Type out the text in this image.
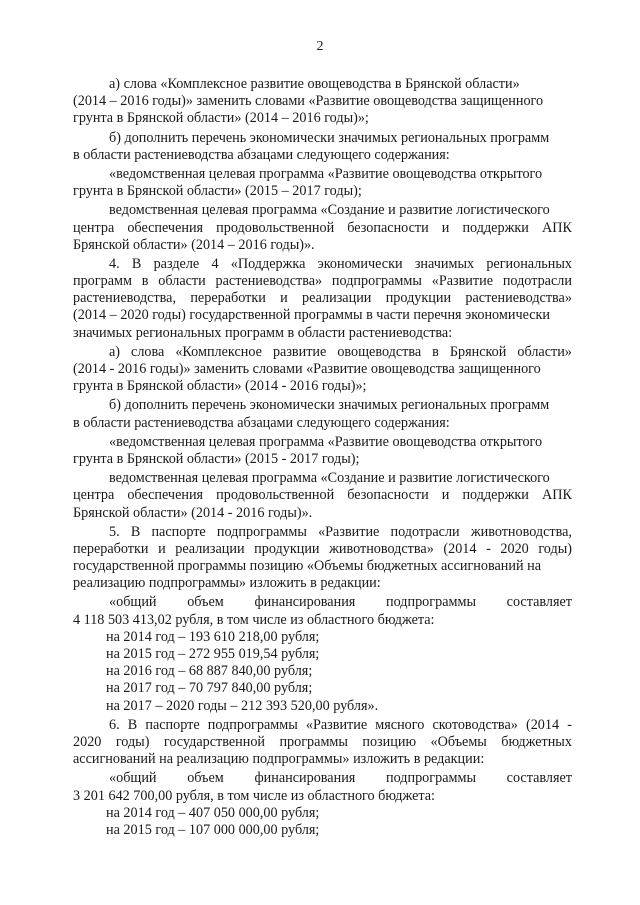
2
а) слова «Комплексное развитие овощеводства в Брянской области»
(2014 – 2016 годы)» заменить словами «Развитие овощеводства защищенного
грунта в Брянской области» (2014 – 2016 годы)»;
б) дополнить перечень экономически значимых региональных программ
в области растениеводства абзацами следующего содержания:
«ведомственная целевая программа «Развитие овощеводства открытого
грунта в Брянской области» (2015 – 2017 годы);
ведомственная целевая программа «Создание и развитие логистического
центра обеспечения продовольственной безопасности и поддержки АПК
Брянской области» (2014 – 2016 годы)».
4. В разделе 4 «Поддержка экономически значимых региональных
программ в области растениеводства» подпрограммы «Развитие подотрасли
растениеводства, переработки и реализации продукции растениеводства»
(2014 – 2020 годы) государственной программы в части перечня экономически
значимых региональных программ в области растениеводства:
а) слова «Комплексное развитие овощеводства в Брянской области»
(2014 - 2016 годы)» заменить словами «Развитие овощеводства защищенного
грунта в Брянской области» (2014 - 2016 годы)»;
б) дополнить перечень экономически значимых региональных программ
в области растениеводства абзацами следующего содержания:
«ведомственная целевая программа «Развитие овощеводства открытого
грунта в Брянской области» (2015 - 2017 годы);
ведомственная целевая программа «Создание и развитие логистического
центра обеспечения продовольственной безопасности и поддержки АПК
Брянской области» (2014 - 2016 годы)».
5. В паспорте подпрограммы «Развитие подотрасли животноводства,
переработки и реализации продукции животноводства» (2014 - 2020 годы)
государственной программы позицию «Объемы бюджетных ассигнований на
реализацию подпрограммы» изложить в редакции:
«общий объем финансирования подпрограммы составляет
4 118 503 413,02 рубля, в том числе из областного бюджета:
на 2014 год – 193 610 218,00 рубля;
на 2015 год – 272 955 019,54 рубля;
на 2016 год – 68 887 840,00 рубля;
на 2017 год – 70 797 840,00 рубля;
на 2017 – 2020 годы – 212 393 520,00 рубля».
6. В паспорте подпрограммы «Развитие мясного скотоводства» (2014 -
2020 годы) государственной программы позицию «Объемы бюджетных
ассигнований на реализацию подпрограммы» изложить в редакции:
«общий объем финансирования подпрограммы составляет
3 201 642 700,00 рубля, в том числе из областного бюджета:
на 2014 год – 407 050 000,00 рубля;
на 2015 год – 107 000 000,00 рубля;
